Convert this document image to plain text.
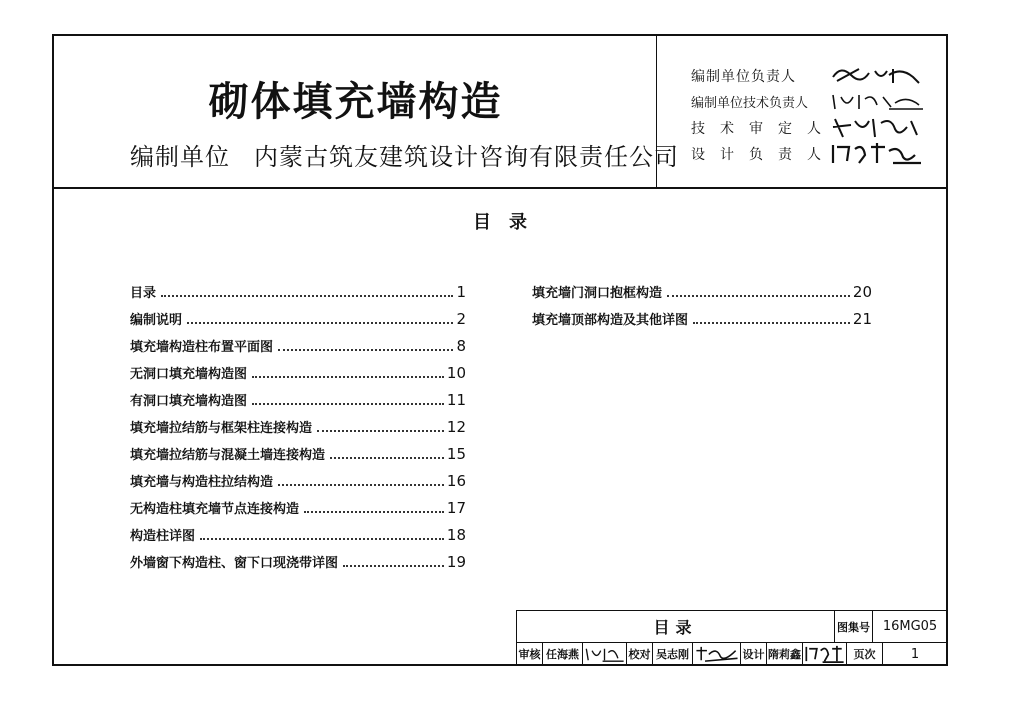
砌体填充墙构造
编制单位 内蒙古筑友建筑设计咨询有限责任公司
编制单位负责人
编制单位技术负责人
技术审定人
设计负责人
目录
目录	1
编制说明	2
填充墙构造柱布置平面图	8
无洞口填充墙构造图	10
有洞口填充墙构造图	11
填充墙拉结筋与框架柱连接构造	12
填充墙拉结筋与混凝土墙连接构造	15
填充墙与构造柱拉结构造	16
无构造柱填充墙节点连接构造	17
构造柱详图	18
外墙窗下构造柱、窗下口现浇带详图	19
填充墙门洞口抱框构造	20
填充墙顶部构造及其他详图	21
目录	图集号 16MG05
审核 任海燕	校对 吴志刚	设计 隋莉鑫	页次	1
